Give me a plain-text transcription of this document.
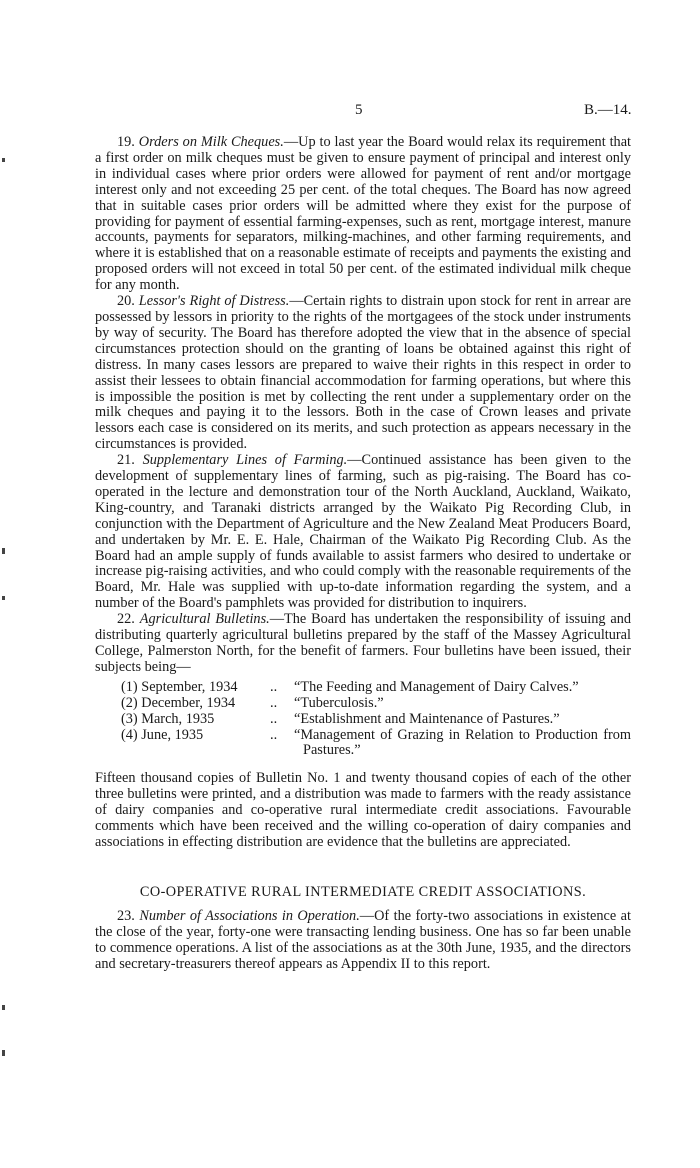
5	B.—14.

19. Orders on Milk Cheques.—Up to last year the Board would relax its requirement that a first order on milk cheques must be given to ensure payment of principal and interest only in individual cases where prior orders were allowed for payment of rent and/or mortgage interest only and not exceeding 25 per cent. of the total cheques. The Board has now agreed that in suitable cases prior orders will be admitted where they exist for the purpose of providing for payment of essential farming-expenses, such as rent, mortgage interest, manure accounts, payments for separators, milking-machines, and other farming requirements, and where it is established that on a reasonable estimate of receipts and payments the existing and proposed orders will not exceed in total 50 per cent. of the estimated individual milk cheque for any month.

20. Lessor's Right of Distress.—Certain rights to distrain upon stock for rent in arrear are possessed by lessors in priority to the rights of the mortgagees of the stock under instruments by way of security. The Board has therefore adopted the view that in the absence of special circumstances protection should on the granting of loans be obtained against this right of distress. In many cases lessors are prepared to waive their rights in this respect in order to assist their lessees to obtain financial accommodation for farming operations, but where this is impossible the position is met by collecting the rent under a supplementary order on the milk cheques and paying it to the lessors. Both in the case of Crown leases and private lessors each case is considered on its merits, and such protection as appears necessary in the circumstances is provided.

21. Supplementary Lines of Farming.—Continued assistance has been given to the development of supplementary lines of farming, such as pig-raising. The Board has co-operated in the lecture and demonstration tour of the North Auckland, Auckland, Waikato, King-country, and Taranaki districts arranged by the Waikato Pig Recording Club, in conjunction with the Department of Agriculture and the New Zealand Meat Producers Board, and undertaken by Mr. E. E. Hale, Chairman of the Waikato Pig Recording Club. As the Board had an ample supply of funds available to assist farmers who desired to undertake or increase pig-raising activities, and who could comply with the reasonable requirements of the Board, Mr. Hale was supplied with up-to-date information regarding the system, and a number of the Board's pamphlets was provided for distribution to inquirers.

22. Agricultural Bulletins.—The Board has undertaken the responsibility of issuing and distributing quarterly agricultural bulletins prepared by the staff of the Massey Agricultural College, Palmerston North, for the benefit of farmers. Four bulletins have been issued, their subjects being—

(1) September, 1934	..	“The Feeding and Management of Dairy Calves.”
(2) December, 1934	..	“Tuberculosis.”
(3) March, 1935	..	“Establishment and Maintenance of Pastures.”
(4) June, 1935	..	“Management of Grazing in Relation to Production from Pastures.”

Fifteen thousand copies of Bulletin No. 1 and twenty thousand copies of each of the other three bulletins were printed, and a distribution was made to farmers with the ready assistance of dairy companies and co-operative rural intermediate credit associations. Favourable comments which have been received and the willing co-operation of dairy companies and associations in effecting distribution are evidence that the bulletins are appreciated.

CO-OPERATIVE RURAL INTERMEDIATE CREDIT ASSOCIATIONS.

23. Number of Associations in Operation.—Of the forty-two associations in existence at the close of the year, forty-one were transacting lending business. One has so far been unable to commence operations. A list of the associations as at the 30th June, 1935, and the directors and secretary-treasurers thereof appears as Appendix II to this report.
